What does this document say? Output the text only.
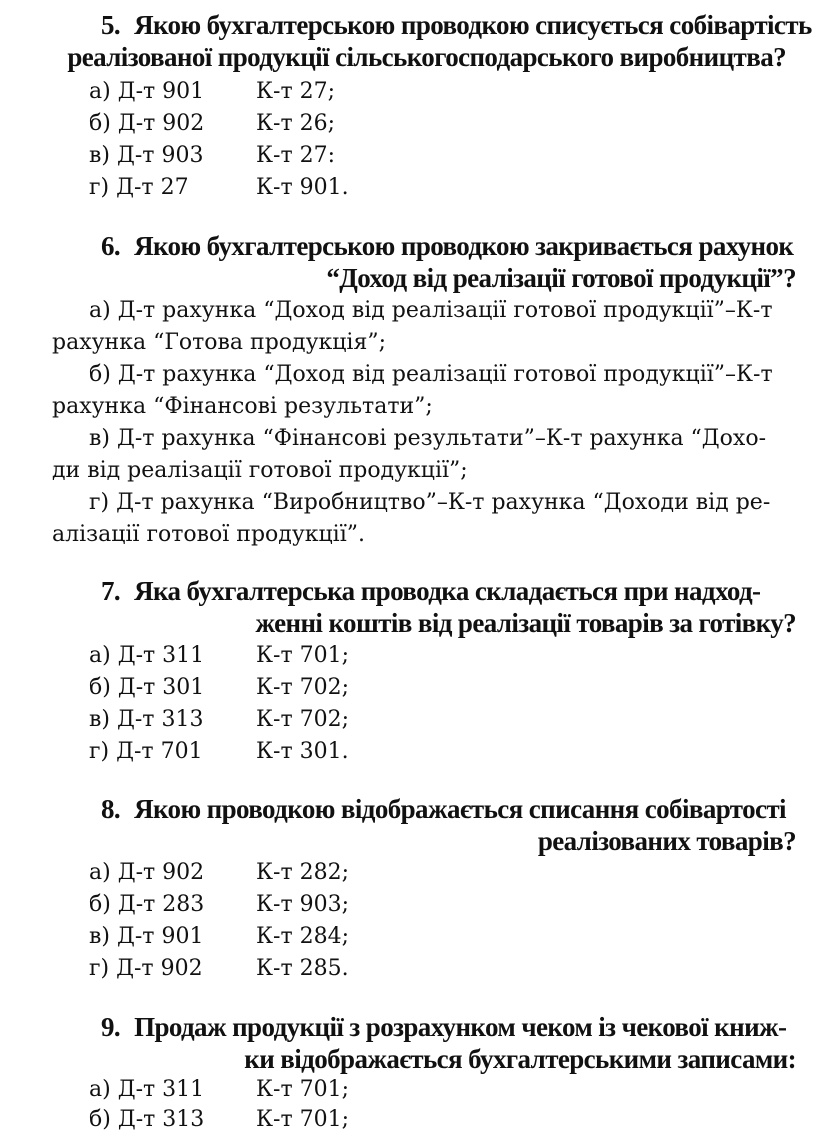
5. Якою бухгалтерською проводкою списується собівартість
реалізованої продукції сільськогосподарського виробництва?
а) Д-т 901 К-т 27;
б) Д-т 902 К-т 26;
в) Д-т 903 К-т 27:
г) Д-т 27	К-т 901.
6. Якою бухгалтерською проводкою закривається рахунок
“Доход від реалізації готової продукції”?
а) Д-т рахунка “Доход від реалізації готової продукції”–К-т
рахунка “Готова продукція”;
б) Д-т рахунка “Доход від реалізації готової продукції”–К-т
рахунка “Фінансові результати”;
в) Д-т рахунка “Фінансові результати”–К-т рахунка “Дохо-
ди від реалізації готової продукції”;
г) Д-т рахунка “Виробництво”–К-т рахунка “Доходи від ре-
алізації готової продукції”.
7. Яка бухгалтерська проводка складається при надход-
женні коштів від реалізації товарів за готівку?
а) Д-т 311 К-т 701;
б) Д-т 301 К-т 702;
в) Д-т 313 К-т 702;
г) Д-т 701 К-т 301.
8. Якою проводкою відображається списання собівартості
реалізованих товарів?
а) Д-т 902 К-т 282;
б) Д-т 283 К-т 903;
в) Д-т 901 К-т 284;
г) Д-т 902 К-т 285.
9. Продаж продукції з розрахунком чеком із чекової книж-
ки відображається бухгалтерськими записами:
а) Д-т 311 К-т 701;
б) Д-т 313 К-т 701;
